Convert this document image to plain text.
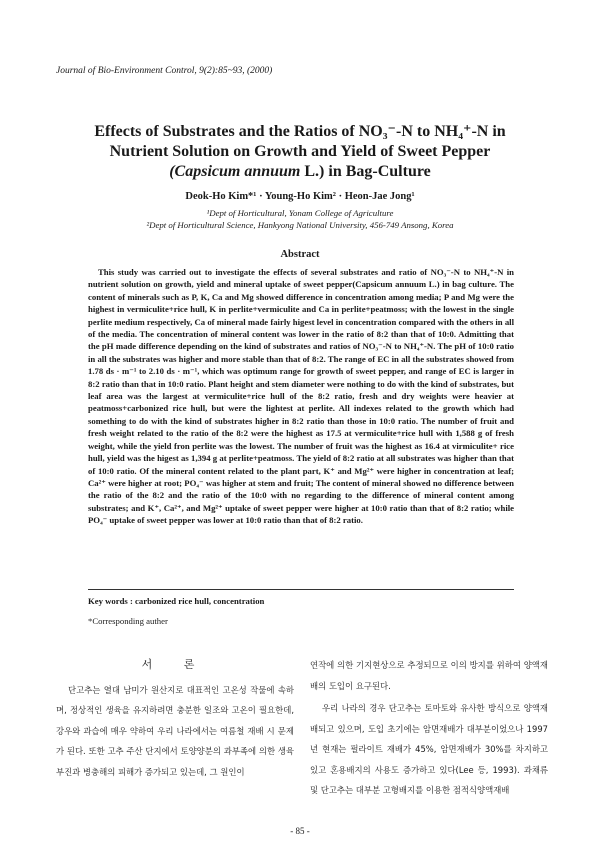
Journal of Bio-Environment Control, 9(2):85~93, (2000)
Effects of Substrates and the Ratios of NO₃⁻-N to NH₄⁺-N in
Nutrient Solution on Growth and Yield of Sweet Pepper
(Capsicum annuum L.) in Bag-Culture
Deok-Ho Kim*¹ · Young-Ho Kim² · Heon-Jae Jong¹
¹Dept of Horticultural, Yonam College of Agriculture
²Dept of Horticultural Science, Hankyong National University, 456-749 Ansong, Korea
Abstract

This study was carried out to investigate the effects of several substrates and ratio of NO₃⁻-N to NH₄⁺-N in nutrient solution on growth, yield and mineral uptake of sweet pepper(Capsicum annuum L.) in bag culture. The content of minerals such as P, K, Ca and Mg showed difference in concentration among media; P and Mg were the highest in vermiculite+rice hull, K in perlite+vermiculite and Ca in perlite+peatmoss; with the lowest in the single perlite medium respectively, Ca of mineral made fairly higest level in concentration compared with the others in all of the media. The concentration of mineral content was lower in the ratio of 8:2 than that of 10:0. Admitting that the pH made difference depending on the kind of substrates and ratios of NO₃⁻-N to NH₄⁺-N. The pH of 10:0 ratio in all the substrates was higher and more stable than that of 8:2. The range of EC in all the substrates showed from 1.78 ds · m⁻¹ to 2.10 ds · m⁻¹, which was optimum range for growth of sweet pepper, and range of EC is larger in 8:2 ratio than that in 10:0 ratio. Plant height and stem diameter were nothing to do with the kind of substrates, but leaf area was the largest at vermiculite+rice hull of the 8:2 ratio, fresh and dry weights were heavier at peatmoss+carbonized rice hull, but were the lightest at perlite. All indexes related to the growth which had something to do with the kind of substrates higher in 8:2 ratio than those in 10:0 ratio. The number of fruit and fresh weight related to the ratio of the 8:2 were the highest as 17.5 at vermiculite+rice hull with 1,588 g of fresh weight, while the yield fron perlite was the lowest. The number of fruit was the highest as 16.4 at virmiculite+ rice hull, yield was the higest as 1,394 g at perlite+peatmoss. The yield of 8:2 ratio at all substrates was higher than that of 10:0 ratio. Of the mineral content related to the plant part, K⁺ and Mg²⁺ were higher in concentration at leaf; Ca²⁺ were higher at root; PO₄⁻ was higher at stem and fruit; The content of mineral showed no difference between the ratio of the 8:2 and the ratio of the 10:0 with no regarding to the difference of mineral content among substrates; and K⁺, Ca²⁺, and Mg²⁺ uptake of sweet pepper were higher at 10:0 ratio than that of 8:2 ratio; while PO₄⁻ uptake of sweet pepper was lower at 10:0 ratio than that of 8:2 ratio.

Key words : carbonized rice hull, concentration
*Corresponding auther
서 론

단고추는 열대 남미가 원산지로 대표적인 고온성 작물에 속하며, 정상적인 생육을 유지하려면 충분한 일조와 고온이 필요한데, 강우와 과습에 매우 약하여 우리 나라에서는 여름철 재배 시 문제가 된다. 또한 고추 주산 단지에서 토양양분의 과부족에 의한 생육 부진과 병충해의 피해가 증가되고 있는데, 그 원인이

연작에 의한 기지현상으로 추정되므로 이의 방지를 위하여 양액재배의 도입이 요구된다.

우리 나라의 경우 단고추는 토마토와 유사한 방식으로 양액재배되고 있으며, 도입 초기에는 암면재배가 대부분이었으나 1997년 현재는 펄라이트 재배가 45%, 암면재배가 30%를 차지하고 있고 혼용배지의 사용도 증가하고 있다(Lee 등, 1993). 과채류 및 단고추는 대부분 고형배지를 이용한 점적식양액재배

- 85 -
